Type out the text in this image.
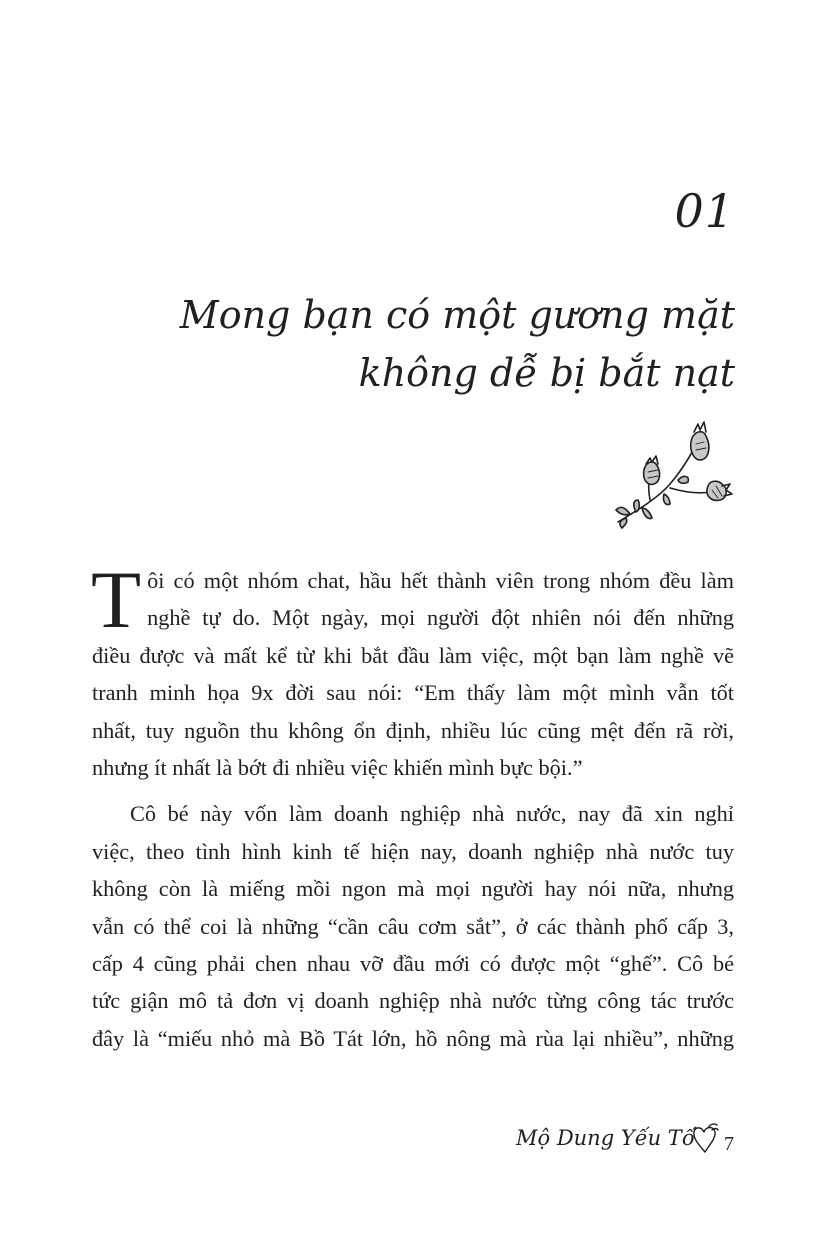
01
Mong bạn có một gương mặt
không dễ bị bắt nạt

T ôi có một nhóm chat, hầu hết thành viên trong nhóm đều làm
nghề tự do. Một ngày, mọi người đột nhiên nói đến những
điều được và mất kể từ khi bắt đầu làm việc, một bạn làm nghề vẽ
tranh minh họa 9x đời sau nói: “Em thấy làm một mình vẫn tốt
nhất, tuy nguồn thu không ổn định, nhiều lúc cũng mệt đến rã rời,
nhưng ít nhất là bớt đi nhiều việc khiến mình bực bội.”

Cô bé này vốn làm doanh nghiệp nhà nước, nay đã xin nghỉ
việc, theo tình hình kinh tế hiện nay, doanh nghiệp nhà nước tuy
không còn là miếng mồi ngon mà mọi người hay nói nữa, nhưng
vẫn có thể coi là những “cần câu cơm sắt”, ở các thành phố cấp 3,
cấp 4 cũng phải chen nhau vỡ đầu mới có được một “ghế”. Cô bé
tức giận mô tả đơn vị doanh nghiệp nhà nước từng công tác trước
đây là “miếu nhỏ mà Bồ Tát lớn, hồ nông mà rùa lại nhiều”, những

Mộ Dung Yếu Tố 7
